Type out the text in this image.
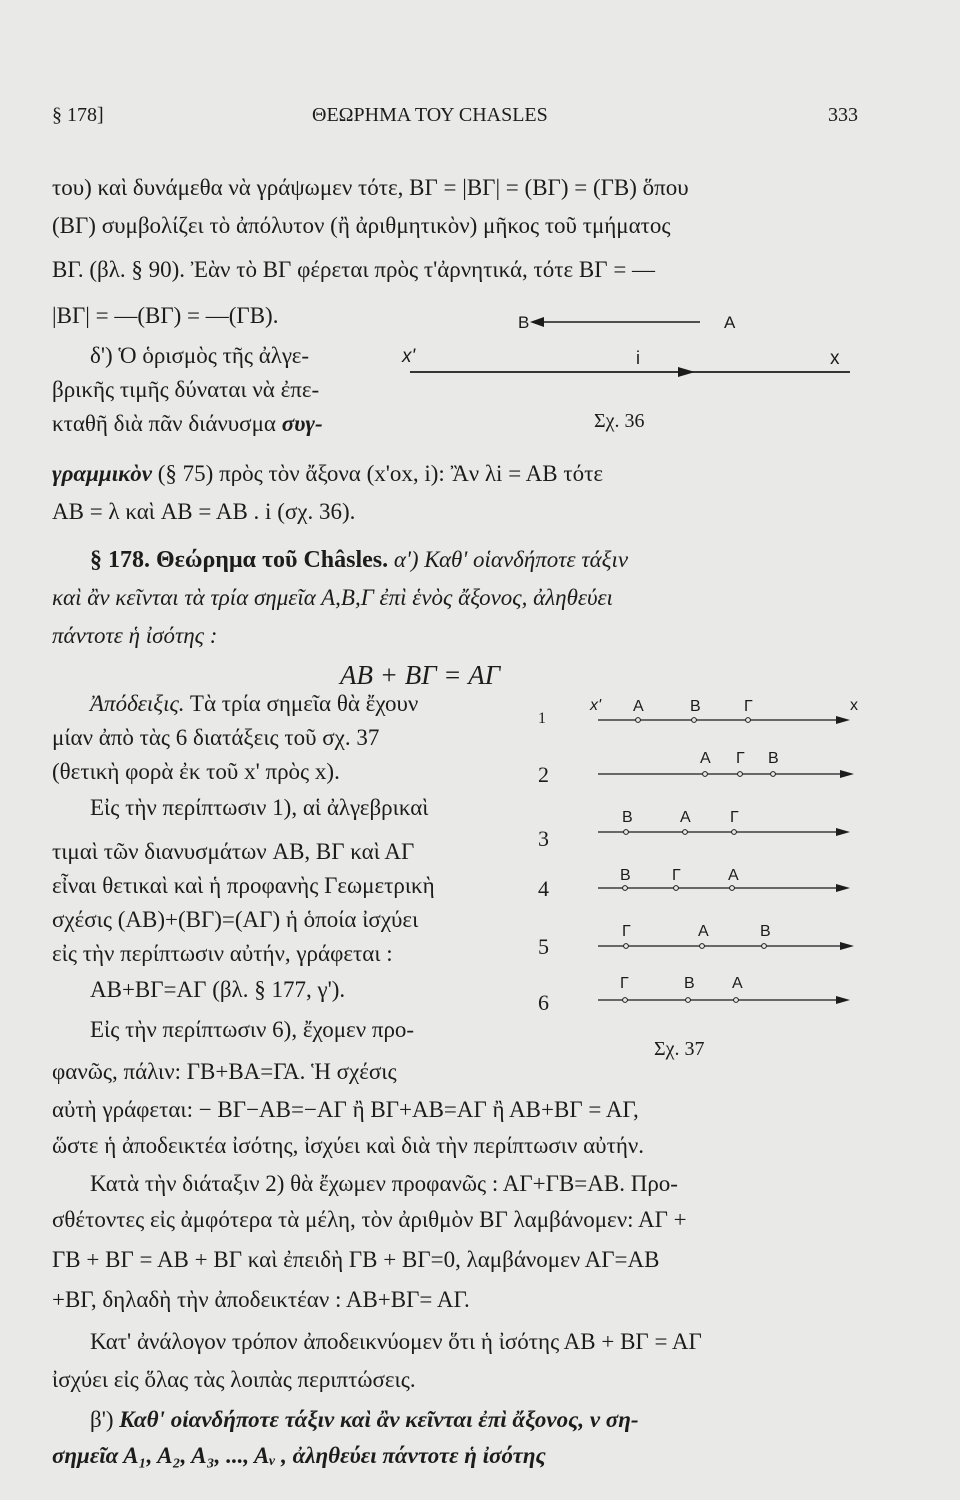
§ 178]	ΘΕΩΡΗΜΑ ΤΟΥ CHASLES	333
του) καὶ δυνάμεθα νὰ γράψωμεν τότε, ΒΓ = |ΒΓ| = (ΒΓ) = (ΓΒ) ὅπου
(ΒΓ) συμβολίζει τὸ ἀπόλυτον (ἢ ἀριθμητικὸν) μῆκος τοῦ τμήματος
ΒΓ. (βλ. § 90). Ἐὰν τὸ ΒΓ φέρεται πρὸς τ'ἀρνητικά, τότε ΒΓ = —
|ΒΓ| = —(ΒΓ) = —(ΓΒ).
δ') Ὁ ὁρισμὸς τῆς ἀλγε-
βρικῆς τιμῆς δύναται νὰ ἐπε-
κταθῆ διὰ πᾶν διάνυσμα συγ-
γραμμικὸν (§ 75) πρὸς τὸν ἄξονα (x'ox, i): Ἂν λi = AB τότε
AB = λ καὶ AB = AB . i (σχ. 36).
§ 178. Θεώρημα τοῦ Châsles. α') Καθ' οἱανδήποτε τάξιν
καὶ ἂν κεῖνται τὰ τρία σημεῖα Α,Β,Γ ἐπὶ ἑνὸς ἄξονος, ἀληθεύει
πάντοτε ἡ ἰσότης :
AB + BΓ = AΓ
Ἀπόδειξις. Τὰ τρία σημεῖα θὰ ἔχουν
μίαν ἀπὸ τὰς 6 διατάξεις τοῦ σχ. 37
(θετικὴ φορὰ ἐκ τοῦ x' πρὸς x).
Εἰς τὴν περίπτωσιν 1), αἱ ἀλγεβρικαὶ
τιμαὶ τῶν διανυσμάτων AB, ΒΓ καὶ ΑΓ
εἶναι θετικαὶ καὶ ἡ προφανὴς Γεωμετρικὴ
σχέσις (ΑΒ)+(ΒΓ)=(ΑΓ) ἡ ὁποία ἰσχύει
εἰς τὴν περίπτωσιν αὐτήν, γράφεται :
ΑΒ+ΒΓ=ΑΓ (βλ. § 177, γ').
Εἰς τὴν περίπτωσιν 6), ἔχομεν προ-
φανῶς, πάλιν: ΓΒ+ΒΑ=ΓΑ. Ἡ σχέσις
αὐτὴ γράφεται: − ΒΓ−ΑΒ=−ΑΓ ἢ ΒΓ+ΑΒ=ΑΓ ἢ ΑΒ+ΒΓ = ΑΓ,
ὥστε ἡ ἀποδεικτέα ἰσότης, ἰσχύει καὶ διὰ τὴν περίπτωσιν αὐτήν.
Κατὰ τὴν διάταξιν 2) θὰ ἔχωμεν προφανῶς : ΑΓ+ΓΒ=ΑΒ. Προ-
σθέτοντες εἰς ἀμφότερα τὰ μέλη, τὸν ἀριθμὸν ΒΓ λαμβάνομεν: ΑΓ +
ΓΒ + ΒΓ = ΑΒ + ΒΓ καὶ ἐπειδὴ ΓΒ + ΒΓ=0, λαμβάνομεν ΑΓ=ΑΒ
+ΒΓ, δηλαδὴ τὴν ἀποδεικτέαν : ΑΒ+ΒΓ= ΑΓ.
Κατ' ἀνάλογον τρόπον ἀποδεικνύομεν ὅτι ἡ ἰσότης ΑΒ + ΒΓ = ΑΓ
ἰσχύει εἰς ὅλας τὰς λοιπὰς περιπτώσεις.
β') Καθ' οἱανδήποτε τάξιν καὶ ἂν κεῖνται ἐπὶ ἄξονος, ν ση-
σημεῖα Α₁, Α₂, Α₃, ..., Αᵥ , ἀληθεύει πάντοτε ἡ ἰσότης
B	A
x'	i	x
Σχ. 36
1
2
3
4
5
6
x'	x
A	B	Γ
A Γ B
B	A Γ
B	Γ	A
Γ	A	B
Γ	B A
Σχ. 37
